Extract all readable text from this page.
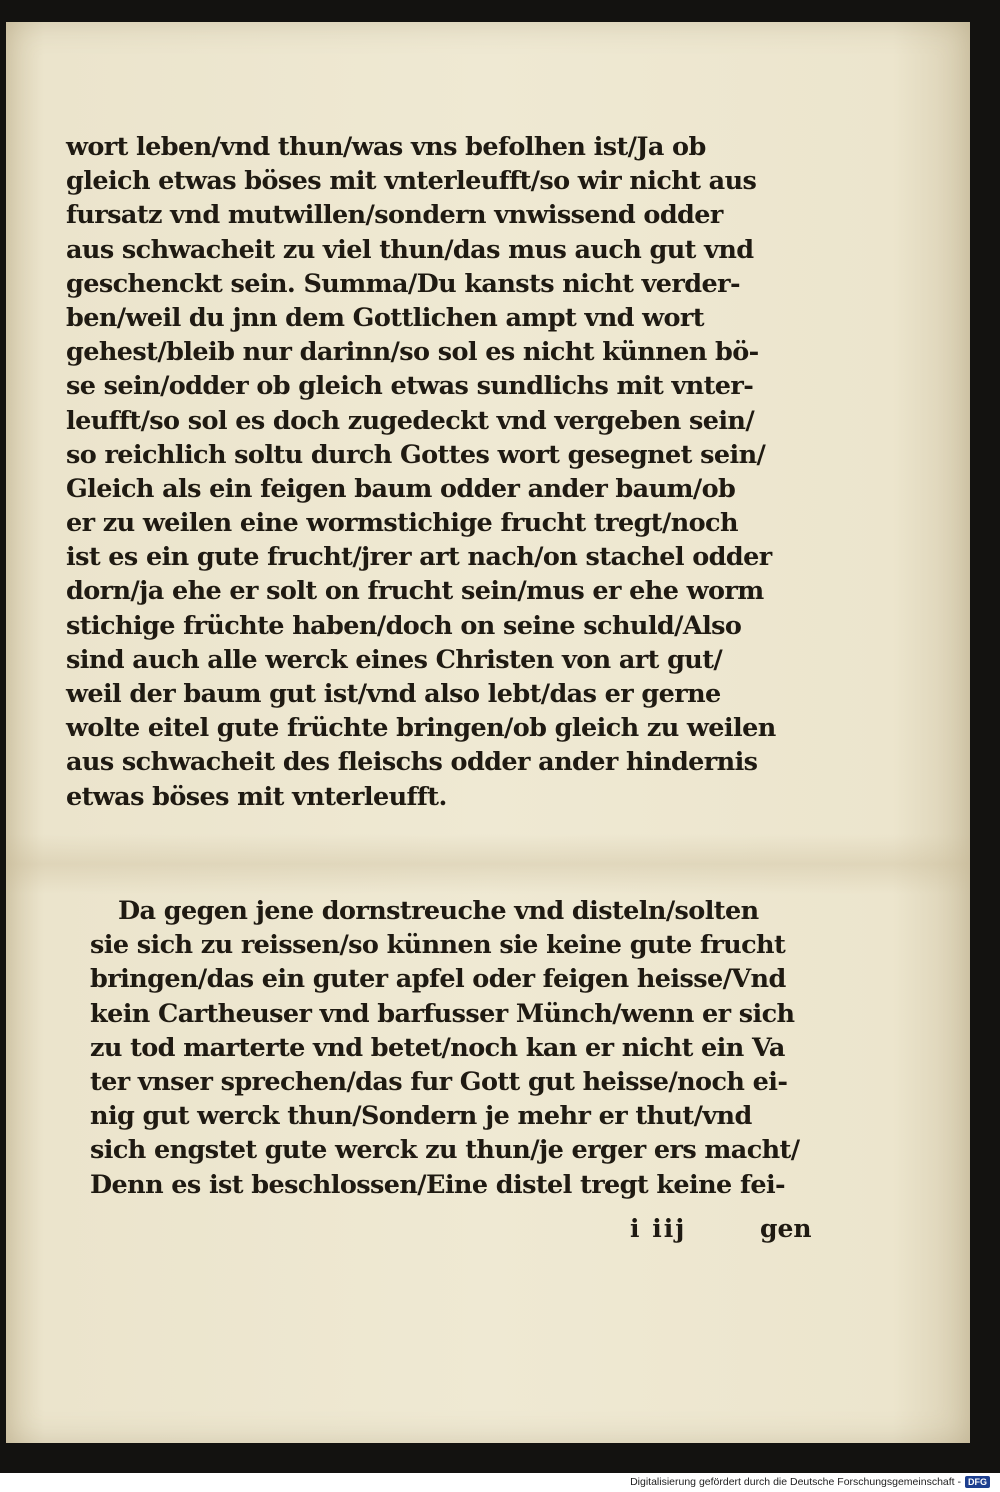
wort leben/vnd thun/was vns befolhen ist/Ja ob
gleich etwas böses mit vnterleufft/so wir nicht aus
fursatz vnd mutwillen/sondern vnwissend odder
aus schwacheit zu viel thun/das mus auch gut vnd
geschenckt sein. Summa/Du kansts nicht verder-
ben/weil du jnn dem Gottlichen ampt vnd wort
gehest/bleib nur darinn/so sol es nicht künnen bö-
se sein/odder ob gleich etwas sundlichs mit vnter-
leufft/so sol es doch zugedeckt vnd vergeben sein/
so reichlich soltu durch Gottes wort gesegnet sein/
Gleich als ein feigen baum odder ander baum/ob
er zu weilen eine wormstichige frucht tregt/noch
ist es ein gute frucht/jrer art nach/on stachel odder
dorn/ja ehe er solt on frucht sein/mus er ehe worm
stichige früchte haben/doch on seine schuld/Also
sind auch alle werck eines Christen von art gut/
weil der baum gut ist/vnd also lebt/das er gerne
wolte eitel gute früchte bringen/ob gleich zu weilen
aus schwacheit des fleischs odder ander hindernis
etwas böses mit vnterleufft.
Da gegen jene dornstreuche vnd disteln/solten
sie sich zu reissen/so künnen sie keine gute frucht
bringen/das ein guter apfel oder feigen heisse/Vnd
kein Cartheuser vnd barfusser Münch/wenn er sich
zu tod marterte vnd betet/noch kan er nicht ein Va
ter vnser sprechen/das fur Gott gut heisse/noch ei-
nig gut werck thun/Sondern je mehr er thut/vnd
sich engstet gute werck zu thun/je erger ers macht/
Denn es ist beschlossen/Eine distel tregt keine fei-
i iij	gen
Digitalisierung gefördert durch die Deutsche Forschungsgemeinschaft - DFG
